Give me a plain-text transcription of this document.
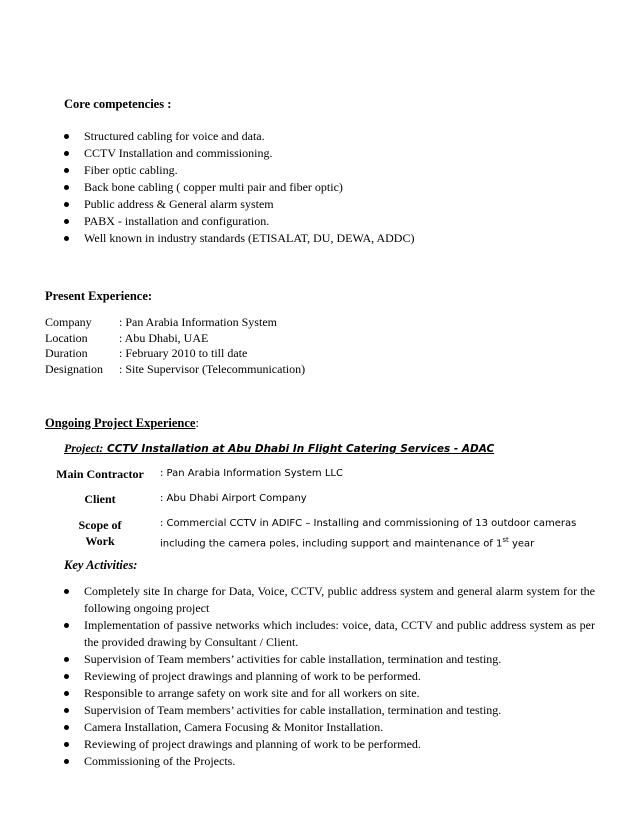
Core competencies :
Structured cabling for voice and data.
CCTV Installation and commissioning.
Fiber optic cabling.
Back bone cabling ( copper multi pair and fiber optic)
Public address & General alarm system
PABX - installation and configuration.
Well known in industry standards (ETISALAT, DU, DEWA, ADDC)
Present Experience:
Company : Pan Arabia Information System
Location	: Abu Dhabi, UAE
Duration	: February 2010 to till date
Designation : Site Supervisor (Telecommunication)
Ongoing Project Experience:
Project: CCTV Installation at Abu Dhabi In Flight Catering Services - ADAC
Main Contractor	: Pan Arabia Information System LLC
Client	: Abu Dhabi Airport Company
Scope of
Work
: Commercial CCTV in ADIFC – Installing and commissioning of 13 outdoor cameras
including the camera poles, including support and maintenance of 1st year
Key Activities:
Completely site In charge for Data, Voice, CCTV, public address system and general alarm system for the following ongoing project
Implementation of passive networks which includes: voice, data, CCTV and public address system as per the provided drawing by Consultant / Client.
Supervision of Team members’ activities for cable installation, termination and testing.
Reviewing of project drawings and planning of work to be performed.
Responsible to arrange safety on work site and for all workers on site.
Supervision of Team members’ activities for cable installation, termination and testing.
Camera Installation, Camera Focusing & Monitor Installation.
Reviewing of project drawings and planning of work to be performed.
Commissioning of the Projects.
